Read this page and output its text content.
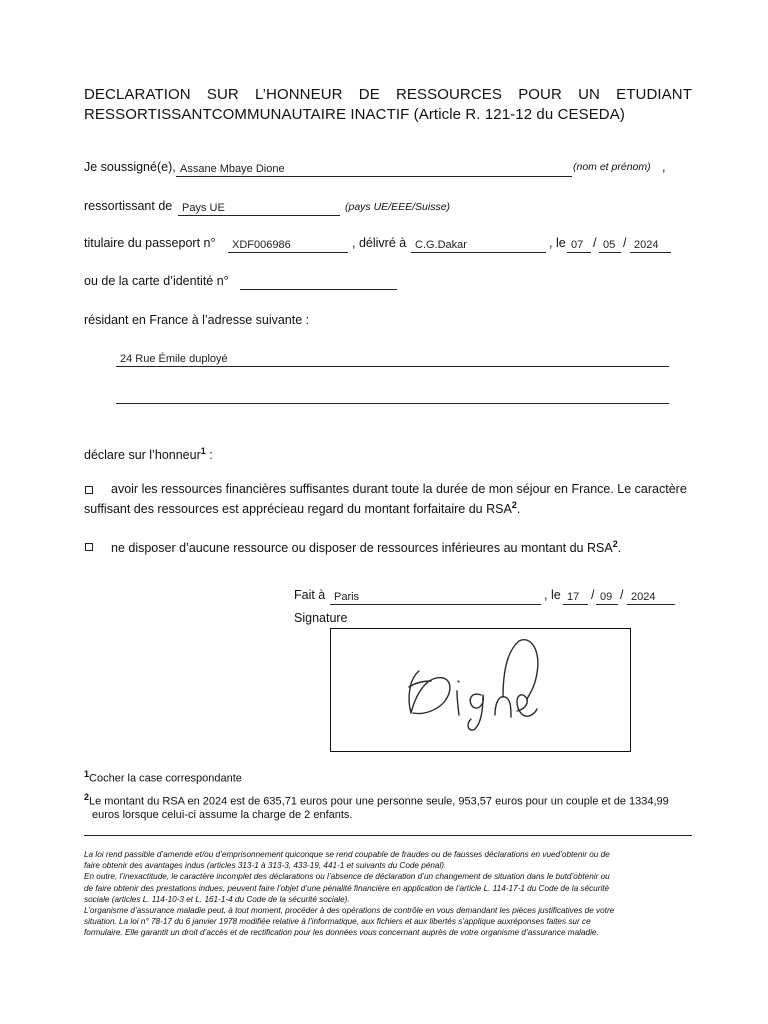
DECLARATION SUR L’HONNEUR DE RESSOURCES POUR UN ETUDIANT
RESSORTISSANTCOMMUNAUTAIRE INACTIF (Article R. 121-12 du CESEDA)
Je soussigné(e), Assane Mbaye Dione	(nom et prénom) ,
ressortissant de Pays UE	(pays UE/EEE/Suisse)
titulaire du passeport n°	XDF006986	, délivré à C.G.Dakar	, le 07 / 05 / 2024
ou de la carte d’identité n°
résidant en France à l’adresse suivante :
24 Rue Émile duployé
déclare sur l’honneur$^1$ :
avoir les ressources financières suffisantes durant toute la durée de mon séjour en France. Le caractère
suffisant des ressources est apprécieau regard du montant forfaitaire du RSA$^2$.
ne disposer d’aucune ressource ou disposer de ressources inférieures au montant du RSA$^2$.
Fait à Paris	, le 17 / 09 / 2024
Signature
$^1$Cocher la case correspondante
$^2$Le montant du RSA en 2024 est de 635,71 euros pour une personne seule, 953,57 euros pour un couple et de 1334,99
euros lorsque celui-ci assume la charge de 2 enfants.
La loi rend passible d’amende et/ou d’emprisonnement quiconque se rend coupable de fraudes ou de fausses déclarations en vued’obtenir ou de
faire obtenir des avantages indus (articles 313-1 à 313-3, 433-19, 441-1 et suivants du Code pénal).
En outre, l’inexactitude, le caractère incomplet des déclarations ou l’absence de déclaration d’un changement de situation dans le butd’obtenir ou
de faire obtenir des prestations indues, peuvent faire l’objet d’une pénalité financière en application de l’article L. 114-17-1 du Code de la sécurité
sociale (articles L. 114-10-3 et L. 161-1-4 du Code de la sécurité sociale).
L’organisme d’assurance maladie peut, à tout moment, procéder à des opérations de contrôle en vous demandant les pièces justificatives de votre
situation. La loi n° 78-17 du 6 janvier 1978 modifiée relative à l’informatique, aux fichiers et aux libertés s’applique auxréponses faites sur ce
formulaire. Elle garantit un droit d’accès et de rectification pour les données vous concernant auprès de votre organisme d’assurance maladie.
